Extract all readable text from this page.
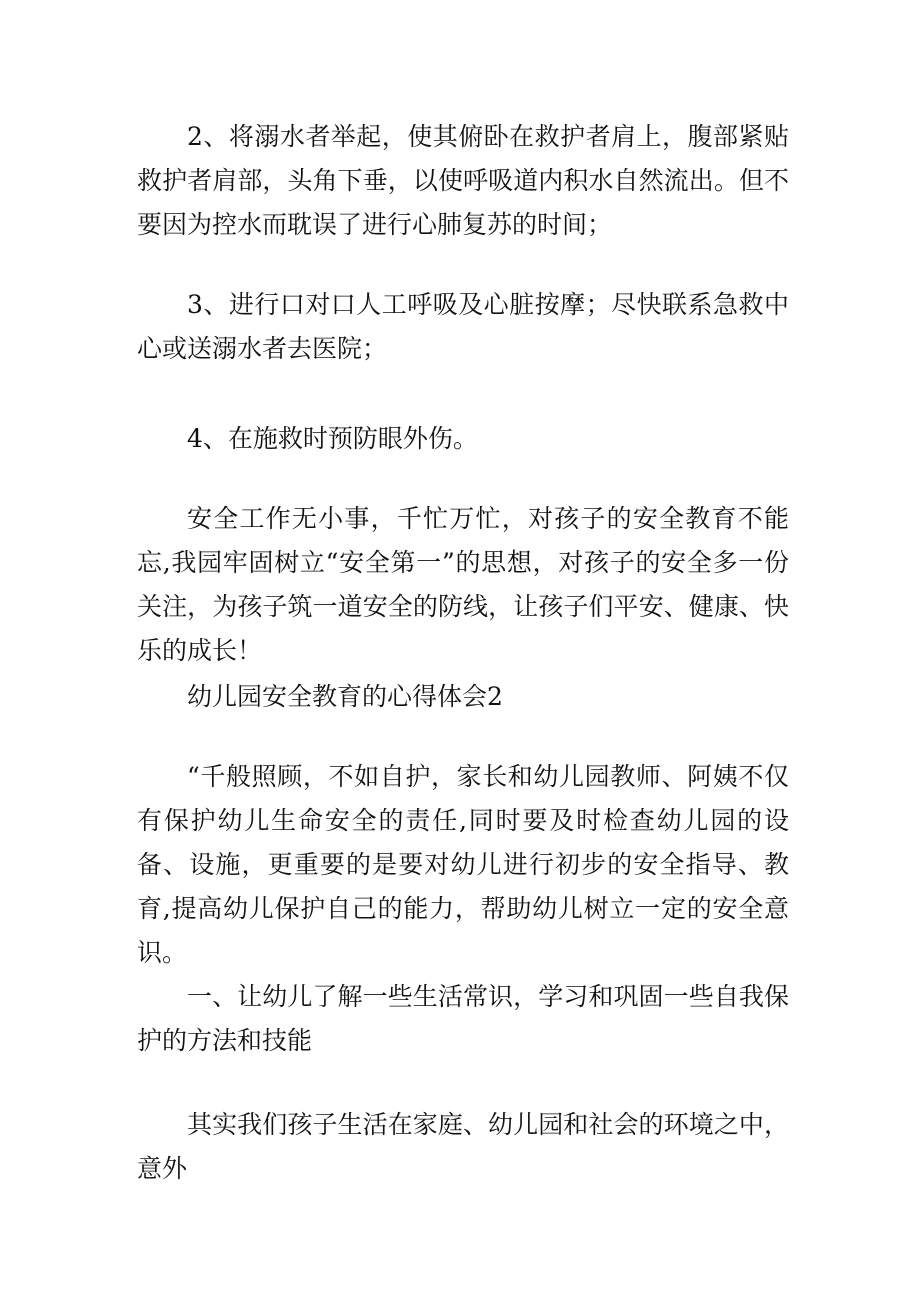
2、将溺水者举起，使其俯卧在救护者肩上，腹部紧贴救护者肩部，头角下垂，以使呼吸道内积水自然流出。但不要因为控水而耽误了进行心肺复苏的时间；

3、进行口对口人工呼吸及心脏按摩；尽快联系急救中心或送溺水者去医院；

4、在施救时预防眼外伤。

安全工作无小事，千忙万忙，对孩子的安全教育不能忘,我园牢固树立“安全第一”的思想，对孩子的安全多一份关注，为孩子筑一道安全的防线，让孩子们平安、健康、快乐的成长！

幼儿园安全教育的心得体会2

“千般照顾，不如自护，家长和幼儿园教师、阿姨不仅有保护幼儿生命安全的责任,同时要及时检查幼儿园的设备、设施，更重要的是要对幼儿进行初步的安全指导、教育,提高幼儿保护自己的能力，帮助幼儿树立一定的安全意识。

一、让幼儿了解一些生活常识，学习和巩固一些自我保护的方法和技能

其实我们孩子生活在家庭、幼儿园和社会的环境之中，意外
